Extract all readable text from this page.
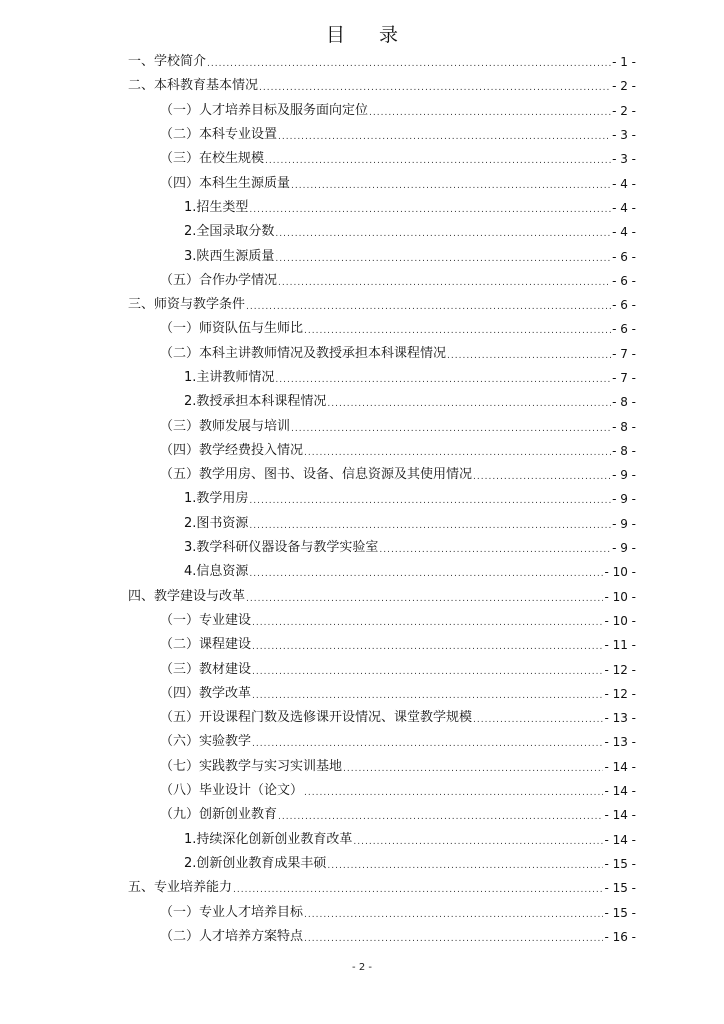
目 录
一、学校简介 .....	- 1 -
二、本科教育基本情况 .....	- 2 -
（一）人才培养目标及服务面向定位 .....	- 2 -
（二）本科专业设置 .....	- 3 -
（三）在校生规模 .....	- 3 -
（四）本科生生源质量 .....	- 4 -
1.招生类型 .....	- 4 -
2.全国录取分数 .....	- 4 -
3.陕西生源质量 .....	- 6 -
（五）合作办学情况 .....	- 6 -
三、师资与教学条件 .....	- 6 -
（一）师资队伍与生师比 .....	- 6 -
（二）本科主讲教师情况及教授承担本科课程情况 .....	- 7 -
1.主讲教师情况 .....	- 7 -
2.教授承担本科课程情况 .....	- 8 -
（三）教师发展与培训 .....	- 8 -
（四）教学经费投入情况 .....	- 8 -
（五）教学用房、图书、设备、信息资源及其使用情况 .....	- 9 -
1.教学用房 .....	- 9 -
2.图书资源 .....	- 9 -
3.教学科研仪器设备与教学实验室 .....	- 9 -
4.信息资源 .....	- 10 -
四、教学建设与改革 .....	- 10 -
（一）专业建设 .....	- 10 -
（二）课程建设 .....	- 11 -
（三）教材建设 .....	- 12 -
（四）教学改革 .....	- 12 -
（五）开设课程门数及选修课开设情况、课堂教学规模 .....	- 13 -
（六）实验教学 .....	- 13 -
（七）实践教学与实习实训基地 .....	- 14 -
（八）毕业设计（论文） .....	- 14 -
（九）创新创业教育 .....	- 14 -
1.持续深化创新创业教育改革 .....	- 14 -
2.创新创业教育成果丰硕 .....	- 15 -
五、专业培养能力 .....	- 15 -
（一）专业人才培养目标 .....	- 15 -
（二）人才培养方案特点 .....	- 16 -
- 2 -
